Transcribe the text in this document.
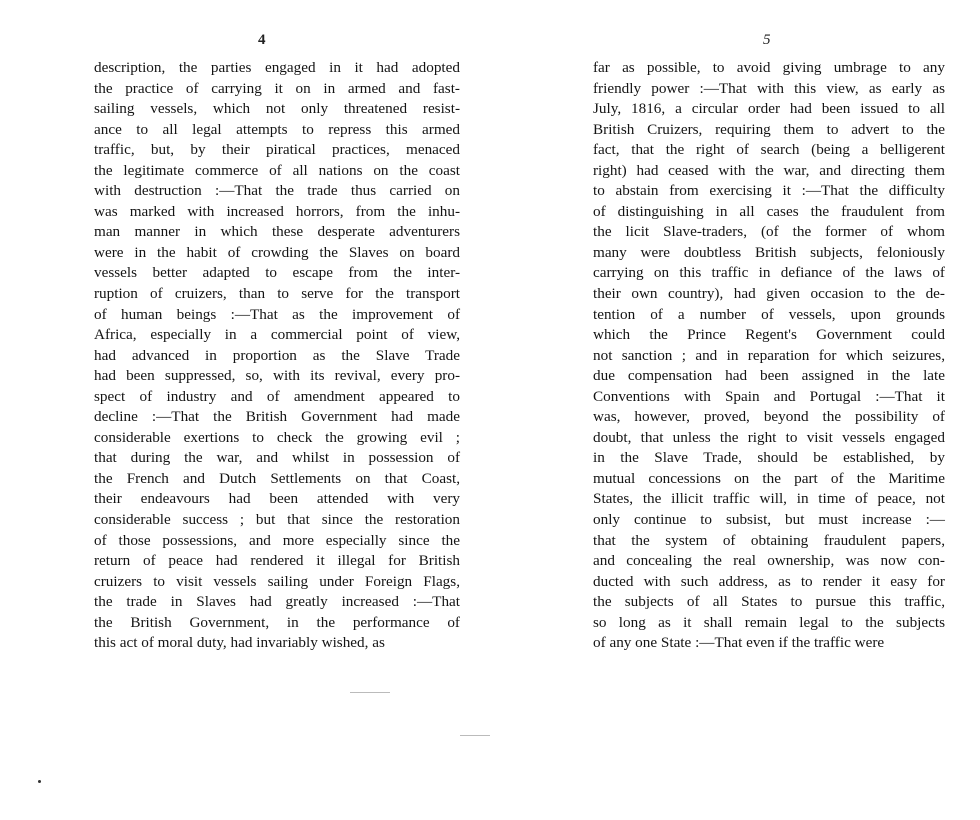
4	5
description, the parties engaged in it had adopted
the practice of carrying it on in armed and fast-
sailing vessels, which not only threatened resist-
ance to all legal attempts to repress this armed
traffic, but, by their piratical practices, menaced
the legitimate commerce of all nations on the coast
with destruction :—That the trade thus carried on
was marked with increased horrors, from the inhu-
man manner in which these desperate adventurers
were in the habit of crowding the Slaves on board
vessels better adapted to escape from the inter-
ruption of cruizers, than to serve for the transport
of human beings :—That as the improvement of
Africa, especially in a commercial point of view,
had advanced in proportion as the Slave Trade
had been suppressed, so, with its revival, every pro-
spect of industry and of amendment appeared to
decline :—That the British Government had made
considerable exertions to check the growing evil ;
that during the war, and whilst in possession of
the French and Dutch Settlements on that Coast,
their endeavours had been attended with very
considerable success ; but that since the restoration
of those possessions, and more especially since the
return of peace had rendered it illegal for British
cruizers to visit vessels sailing under Foreign Flags,
the trade in Slaves had greatly increased :—That
the British Government, in the performance of
this act of moral duty, had invariably wished, as
far as possible, to avoid giving umbrage to any
friendly power :—That with this view, as early as
July, 1816, a circular order had been issued to all
British Cruizers, requiring them to advert to the
fact, that the right of search (being a belligerent
right) had ceased with the war, and directing them
to abstain from exercising it :—That the difficulty
of distinguishing in all cases the fraudulent from
the licit Slave-traders, (of the former of whom
many were doubtless British subjects, feloniously
carrying on this traffic in defiance of the laws of
their own country), had given occasion to the de-
tention of a number of vessels, upon grounds
which the Prince Regent's Government could
not sanction ; and in reparation for which seizures,
due compensation had been assigned in the late
Conventions with Spain and Portugal :—That it
was, however, proved, beyond the possibility of
doubt, that unless the right to visit vessels engaged
in the Slave Trade, should be established, by
mutual concessions on the part of the Maritime
States, the illicit traffic will, in time of peace, not
only continue to subsist, but must increase :—
that the system of obtaining fraudulent papers,
and concealing the real ownership, was now con-
ducted with such address, as to render it easy for
the subjects of all States to pursue this traffic,
so long as it shall remain legal to the subjects
of any one State :—That even if the traffic were
